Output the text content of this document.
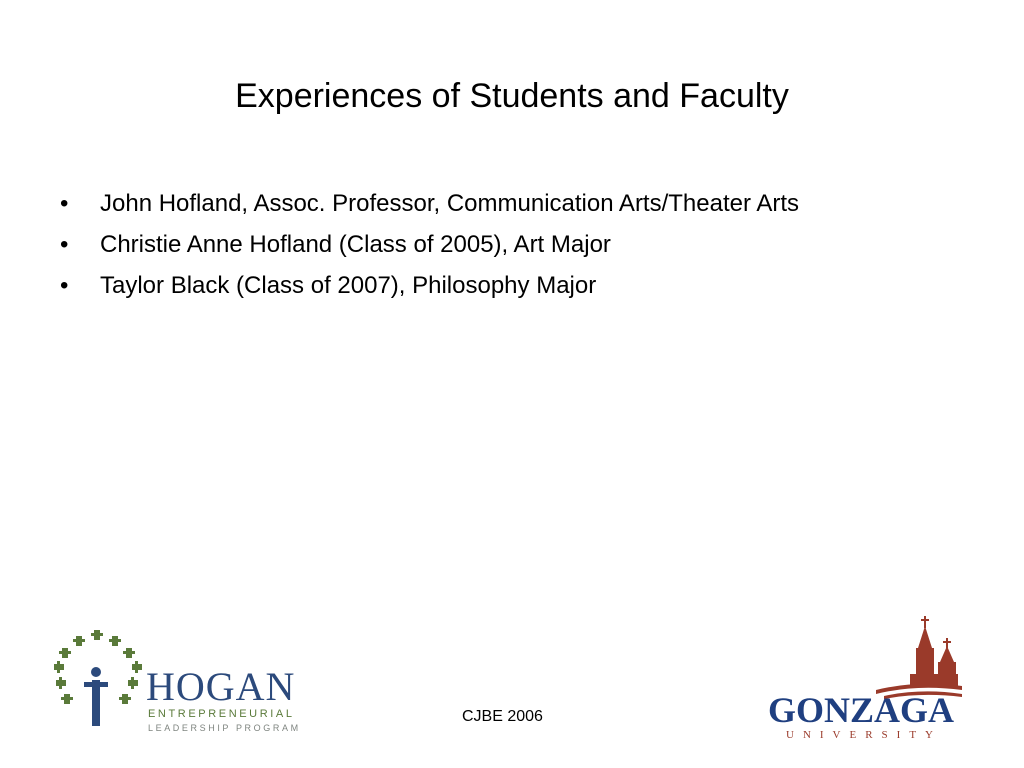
Experiences of Students and Faculty
•	John Hofland, Assoc. Professor, Communication Arts/Theater Arts
•	Christie Anne Hofland (Class of 2005), Art Major
•	Taylor Black (Class of 2007), Philosophy Major
HOGAN
ENTREPRENEURIAL
LEADERSHIP PROGRAM
CJBE 2006	GONZAGA
UNIVERSITY
